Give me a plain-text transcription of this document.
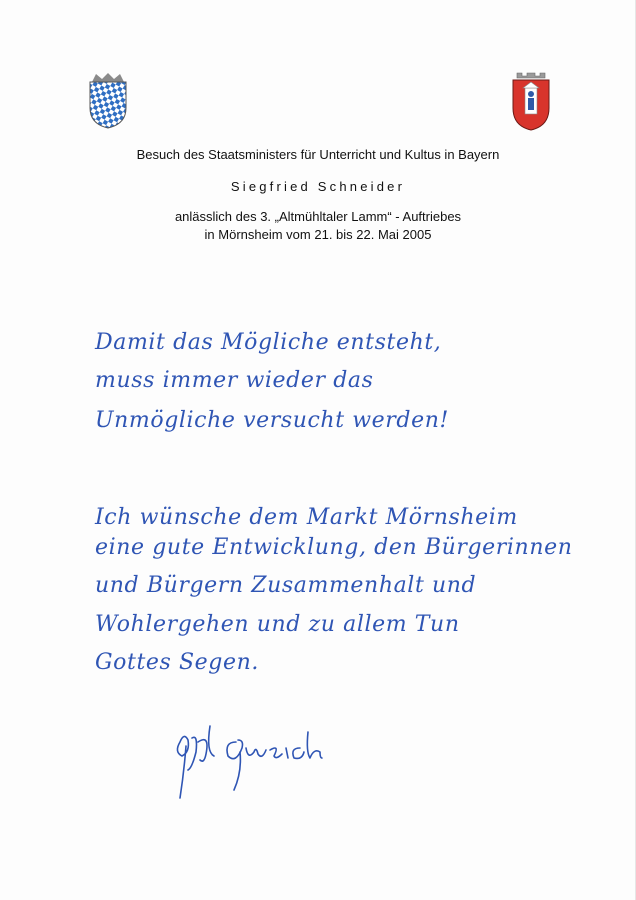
Besuch des Staatsministers für Unterricht und Kultus in Bayern
Siegfried Schneider
anlässlich des 3. „Altmühltaler Lamm“ - Auftriebes
in Mörnsheim vom 21. bis 22. Mai 2005
Damit das Mögliche entsteht,
muss immer wieder das
Unmögliche versucht werden!
Ich wünsche dem Markt Mörnsheim
eine gute Entwicklung, den Bürgerinnen
und Bürgern Zusammenhalt und
Wohlergehen und zu allem Tun
Gottes Segen.
